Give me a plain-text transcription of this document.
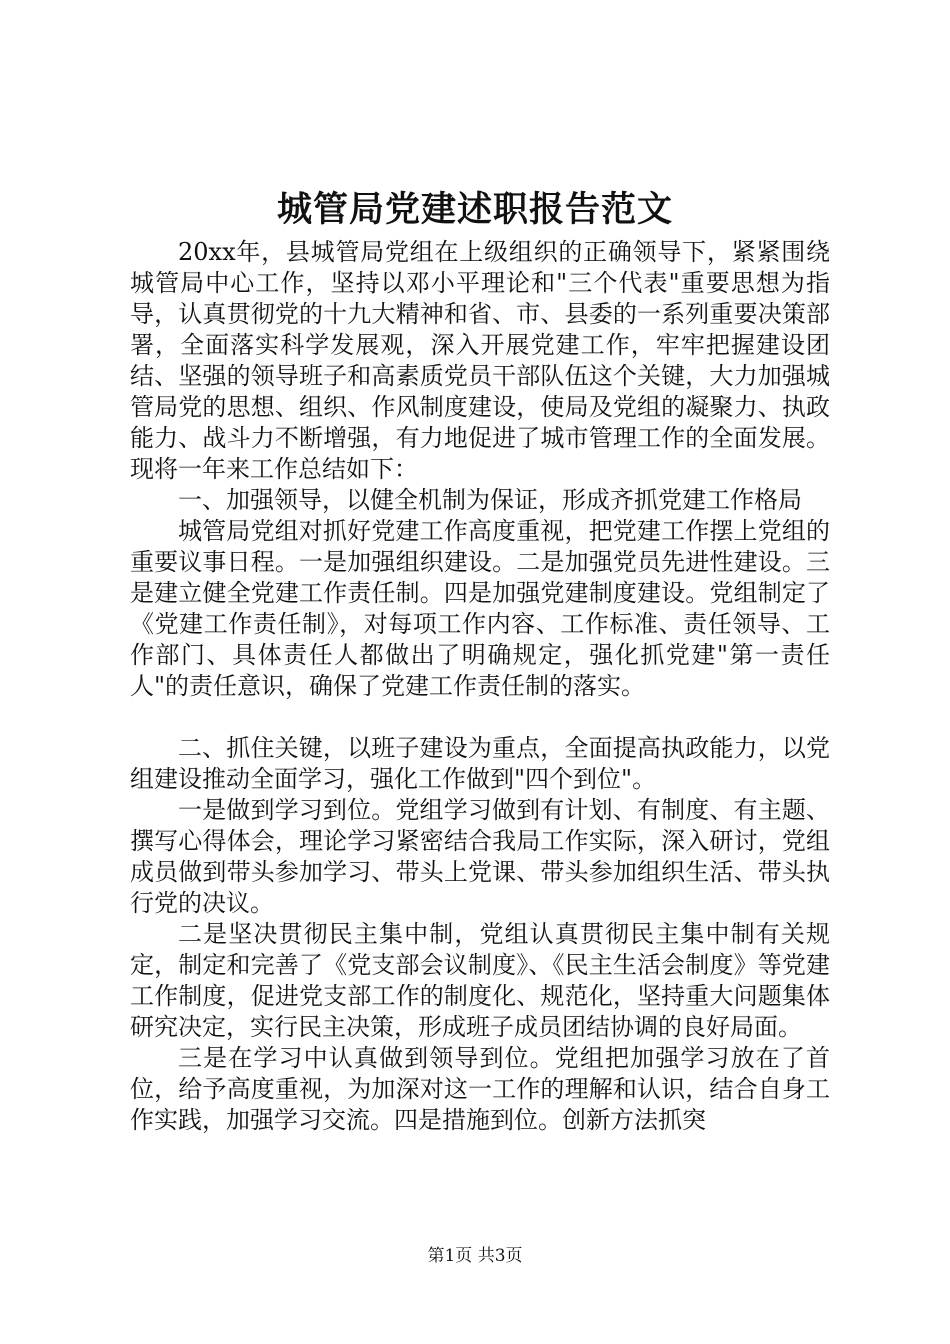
城管局党建述职报告范文

20xx年，县城管局党组在上级组织的正确领导下，紧紧围绕城管局中心工作，坚持以邓小平理论和"三个代表"重要思想为指导，认真贯彻党的十九大精神和省、市、县委的一系列重要决策部署，全面落实科学发展观，深入开展党建工作，牢牢把握建设团结、坚强的领导班子和高素质党员干部队伍这个关键，大力加强城管局党的思想、组织、作风制度建设，使局及党组的凝聚力、执政能力、战斗力不断增强，有力地促进了城市管理工作的全面发展。现将一年来工作总结如下：

一、加强领导，以健全机制为保证，形成齐抓党建工作格局

城管局党组对抓好党建工作高度重视，把党建工作摆上党组的重要议事日程。一是加强组织建设。二是加强党员先进性建设。三是建立健全党建工作责任制。四是加强党建制度建设。党组制定了《党建工作责任制》，对每项工作内容、工作标准、责任领导、工作部门、具体责任人都做出了明确规定，强化抓党建"第一责任人"的责任意识，确保了党建工作责任制的落实。

二、抓住关键，以班子建设为重点，全面提高执政能力，以党组建设推动全面学习，强化工作做到"四个到位"。

一是做到学习到位。党组学习做到有计划、有制度、有主题、撰写心得体会，理论学习紧密结合我局工作实际，深入研讨，党组成员做到带头参加学习、带头上党课、带头参加组织生活、带头执行党的决议。

二是坚决贯彻民主集中制，党组认真贯彻民主集中制有关规定，制定和完善了《党支部会议制度》、《民主生活会制度》等党建工作制度，促进党支部工作的制度化、规范化，坚持重大问题集体研究决定，实行民主决策，形成班子成员团结协调的良好局面。

三是在学习中认真做到领导到位。党组把加强学习放在了首位，给予高度重视，为加深对这一工作的理解和认识，结合自身工作实践，加强学习交流。四是措施到位。创新方法抓突

第1页 共3页
